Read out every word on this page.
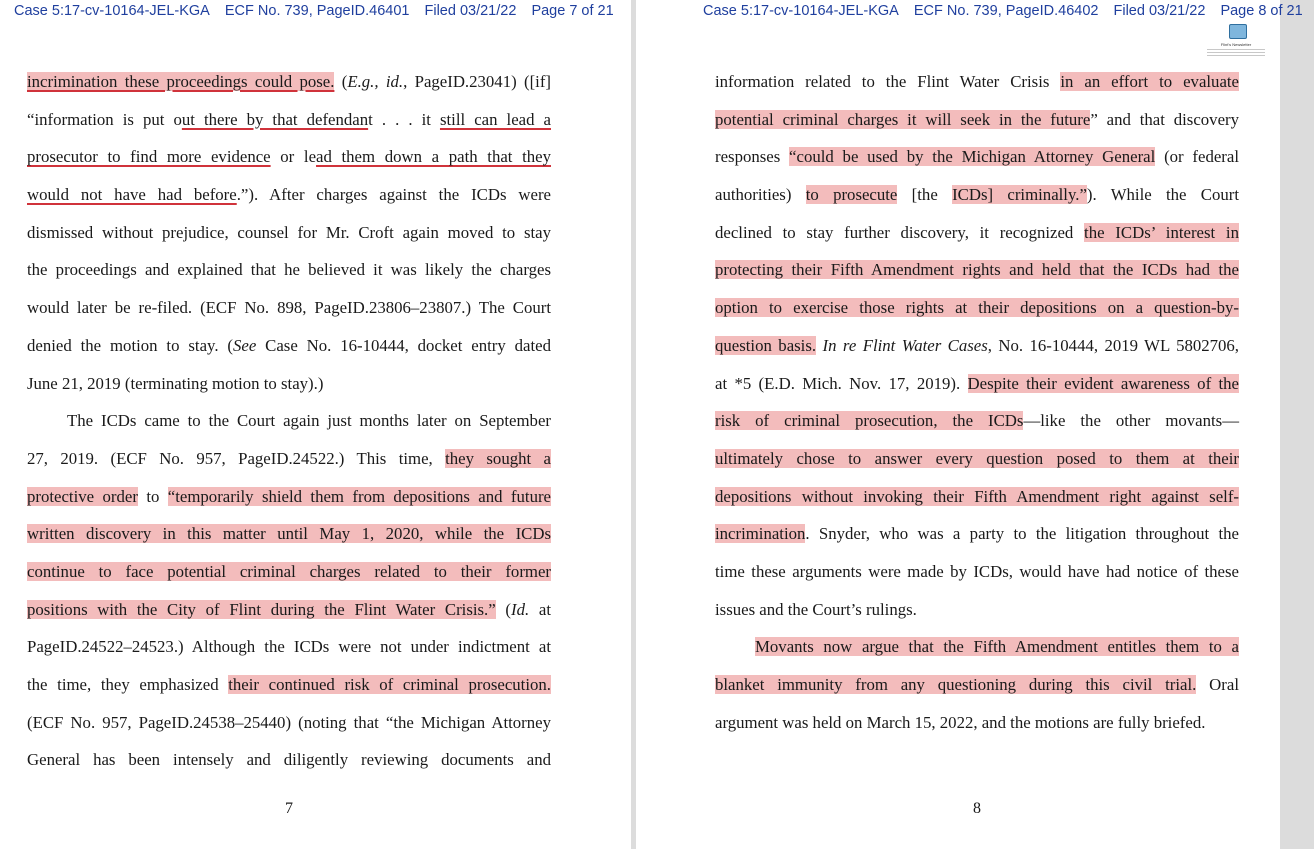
Case 5:17-cv-10164-JEL-KGA ECF No. 739, PageID.46401 Filed 03/21/22 Page 7 of 21
incrimination these proceedings could pose. (E.g., id., PageID.23041) ([if]
“information is put out there by that defendant . . . it still can lead a
prosecutor to find more evidence or lead them down a path that they
would not have had before.”). After charges against the ICDs were
dismissed without prejudice, counsel for Mr. Croft again moved to stay
the proceedings and explained that he believed it was likely the charges
would later be re-filed. (ECF No. 898, PageID.23806–23807.) The Court
denied the motion to stay. (See Case No. 16-10444, docket entry dated
June 21, 2019 (terminating motion to stay).)
The ICDs came to the Court again just months later on September
27, 2019. (ECF No. 957, PageID.24522.) This time, they sought a
protective order to “temporarily shield them from depositions and future
written discovery in this matter until May 1, 2020, while the ICDs
continue to face potential criminal charges related to their former
positions with the City of Flint during the Flint Water Crisis.” (Id. at
PageID.24522–24523.) Although the ICDs were not under indictment at
the time, they emphasized their continued risk of criminal prosecution.
(ECF No. 957, PageID.24538–25440) (noting that “the Michigan Attorney
General has been intensely and diligently reviewing documents and
7
Case 5:17-cv-10164-JEL-KGA ECF No. 739, PageID.46402 Filed 03/21/22 Page 8 of 21
Flint's Newsletter
information related to the Flint Water Crisis in an effort to evaluate
potential criminal charges it will seek in the future” and that discovery
responses “could be used by the Michigan Attorney General (or federal
authorities) to prosecute [the ICDs] criminally.”). While the Court
declined to stay further discovery, it recognized the ICDs’ interest in
protecting their Fifth Amendment rights and held that the ICDs had the
option to exercise those rights at their depositions on a question-by-
question basis. In re Flint Water Cases, No. 16-10444, 2019 WL 5802706,
at *5 (E.D. Mich. Nov. 17, 2019). Despite their evident awareness of the
risk of criminal prosecution, the ICDs—like the other movants—
ultimately chose to answer every question posed to them at their
depositions without invoking their Fifth Amendment right against self-
incrimination. Snyder, who was a party to the litigation throughout the
time these arguments were made by ICDs, would have had notice of these
issues and the Court’s rulings.
Movants now argue that the Fifth Amendment entitles them to a
blanket immunity from any questioning during this civil trial. Oral
argument was held on March 15, 2022, and the motions are fully briefed.
8
